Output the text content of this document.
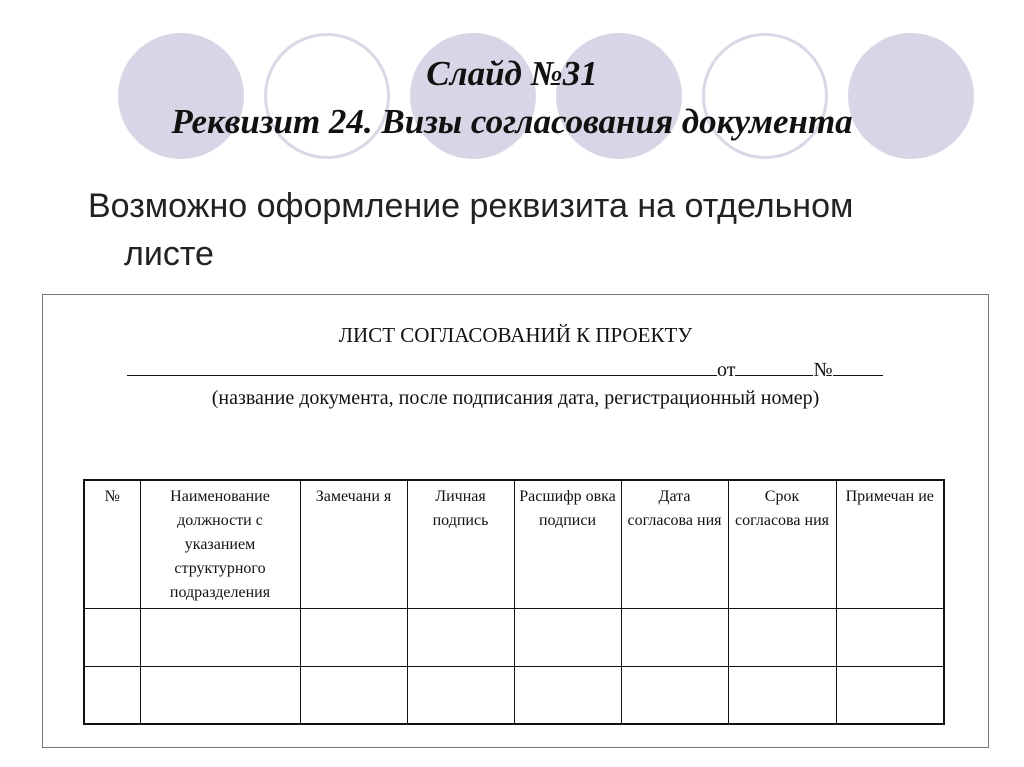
Слайд №31
Реквизит 24. Визы согласования документа
Возможно оформление реквизита на отдельном
листе
ЛИСТ СОГЛАСОВАНИЙ К ПРОЕКТУ
от	№
(название документа, после подписания дата, регистрационный номер)
№	Наименование должности с указанием структурного подразделения	Замечани я	Личная подпись	Расшифр овка подписи	Дата согласова ния	Срок согласова ния	Примечан ие
